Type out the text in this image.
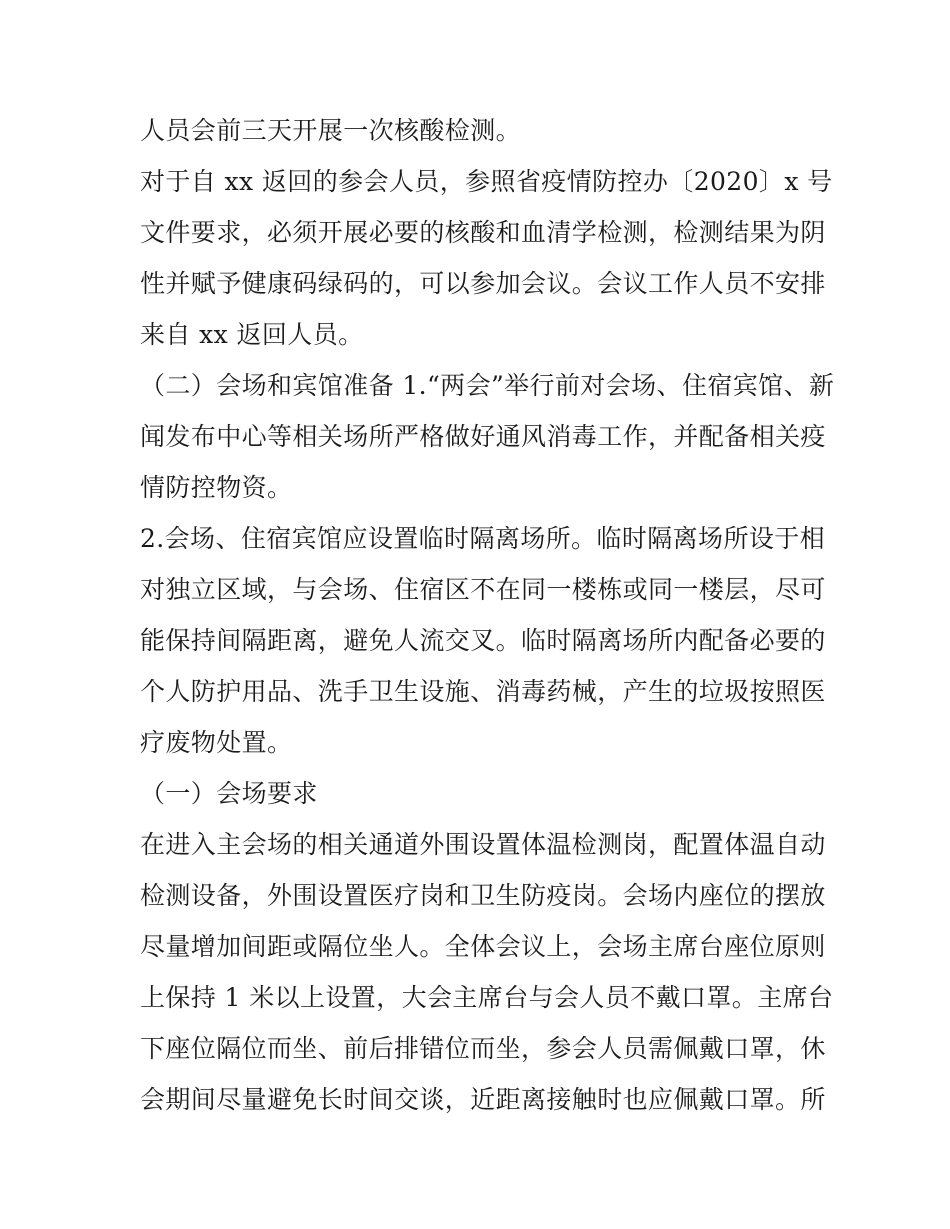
人员会前三天开展一次核酸检测。
对于自 xx 返回的参会人员，参照省疫情防控办〔2020〕x 号
文件要求，必须开展必要的核酸和血清学检测，检测结果为阴
性并赋予健康码绿码的，可以参加会议。会议工作人员不安排
来自 xx 返回人员。
（二）会场和宾馆准备 1.“两会”举行前对会场、住宿宾馆、新
闻发布中心等相关场所严格做好通风消毒工作，并配备相关疫
情防控物资。
2.会场、住宿宾馆应设置临时隔离场所。临时隔离场所设于相
对独立区域，与会场、住宿区不在同一楼栋或同一楼层，尽可
能保持间隔距离，避免人流交叉。临时隔离场所内配备必要的
个人防护用品、洗手卫生设施、消毒药械，产生的垃圾按照医
疗废物处置。
（一）会场要求
在进入主会场的相关通道外围设置体温检测岗，配置体温自动
检测设备，外围设置医疗岗和卫生防疫岗。会场内座位的摆放
尽量增加间距或隔位坐人。全体会议上，会场主席台座位原则
上保持 1 米以上设置，大会主席台与会人员不戴口罩。主席台
下座位隔位而坐、前后排错位而坐，参会人员需佩戴口罩，休
会期间尽量避免长时间交谈，近距离接触时也应佩戴口罩。所
